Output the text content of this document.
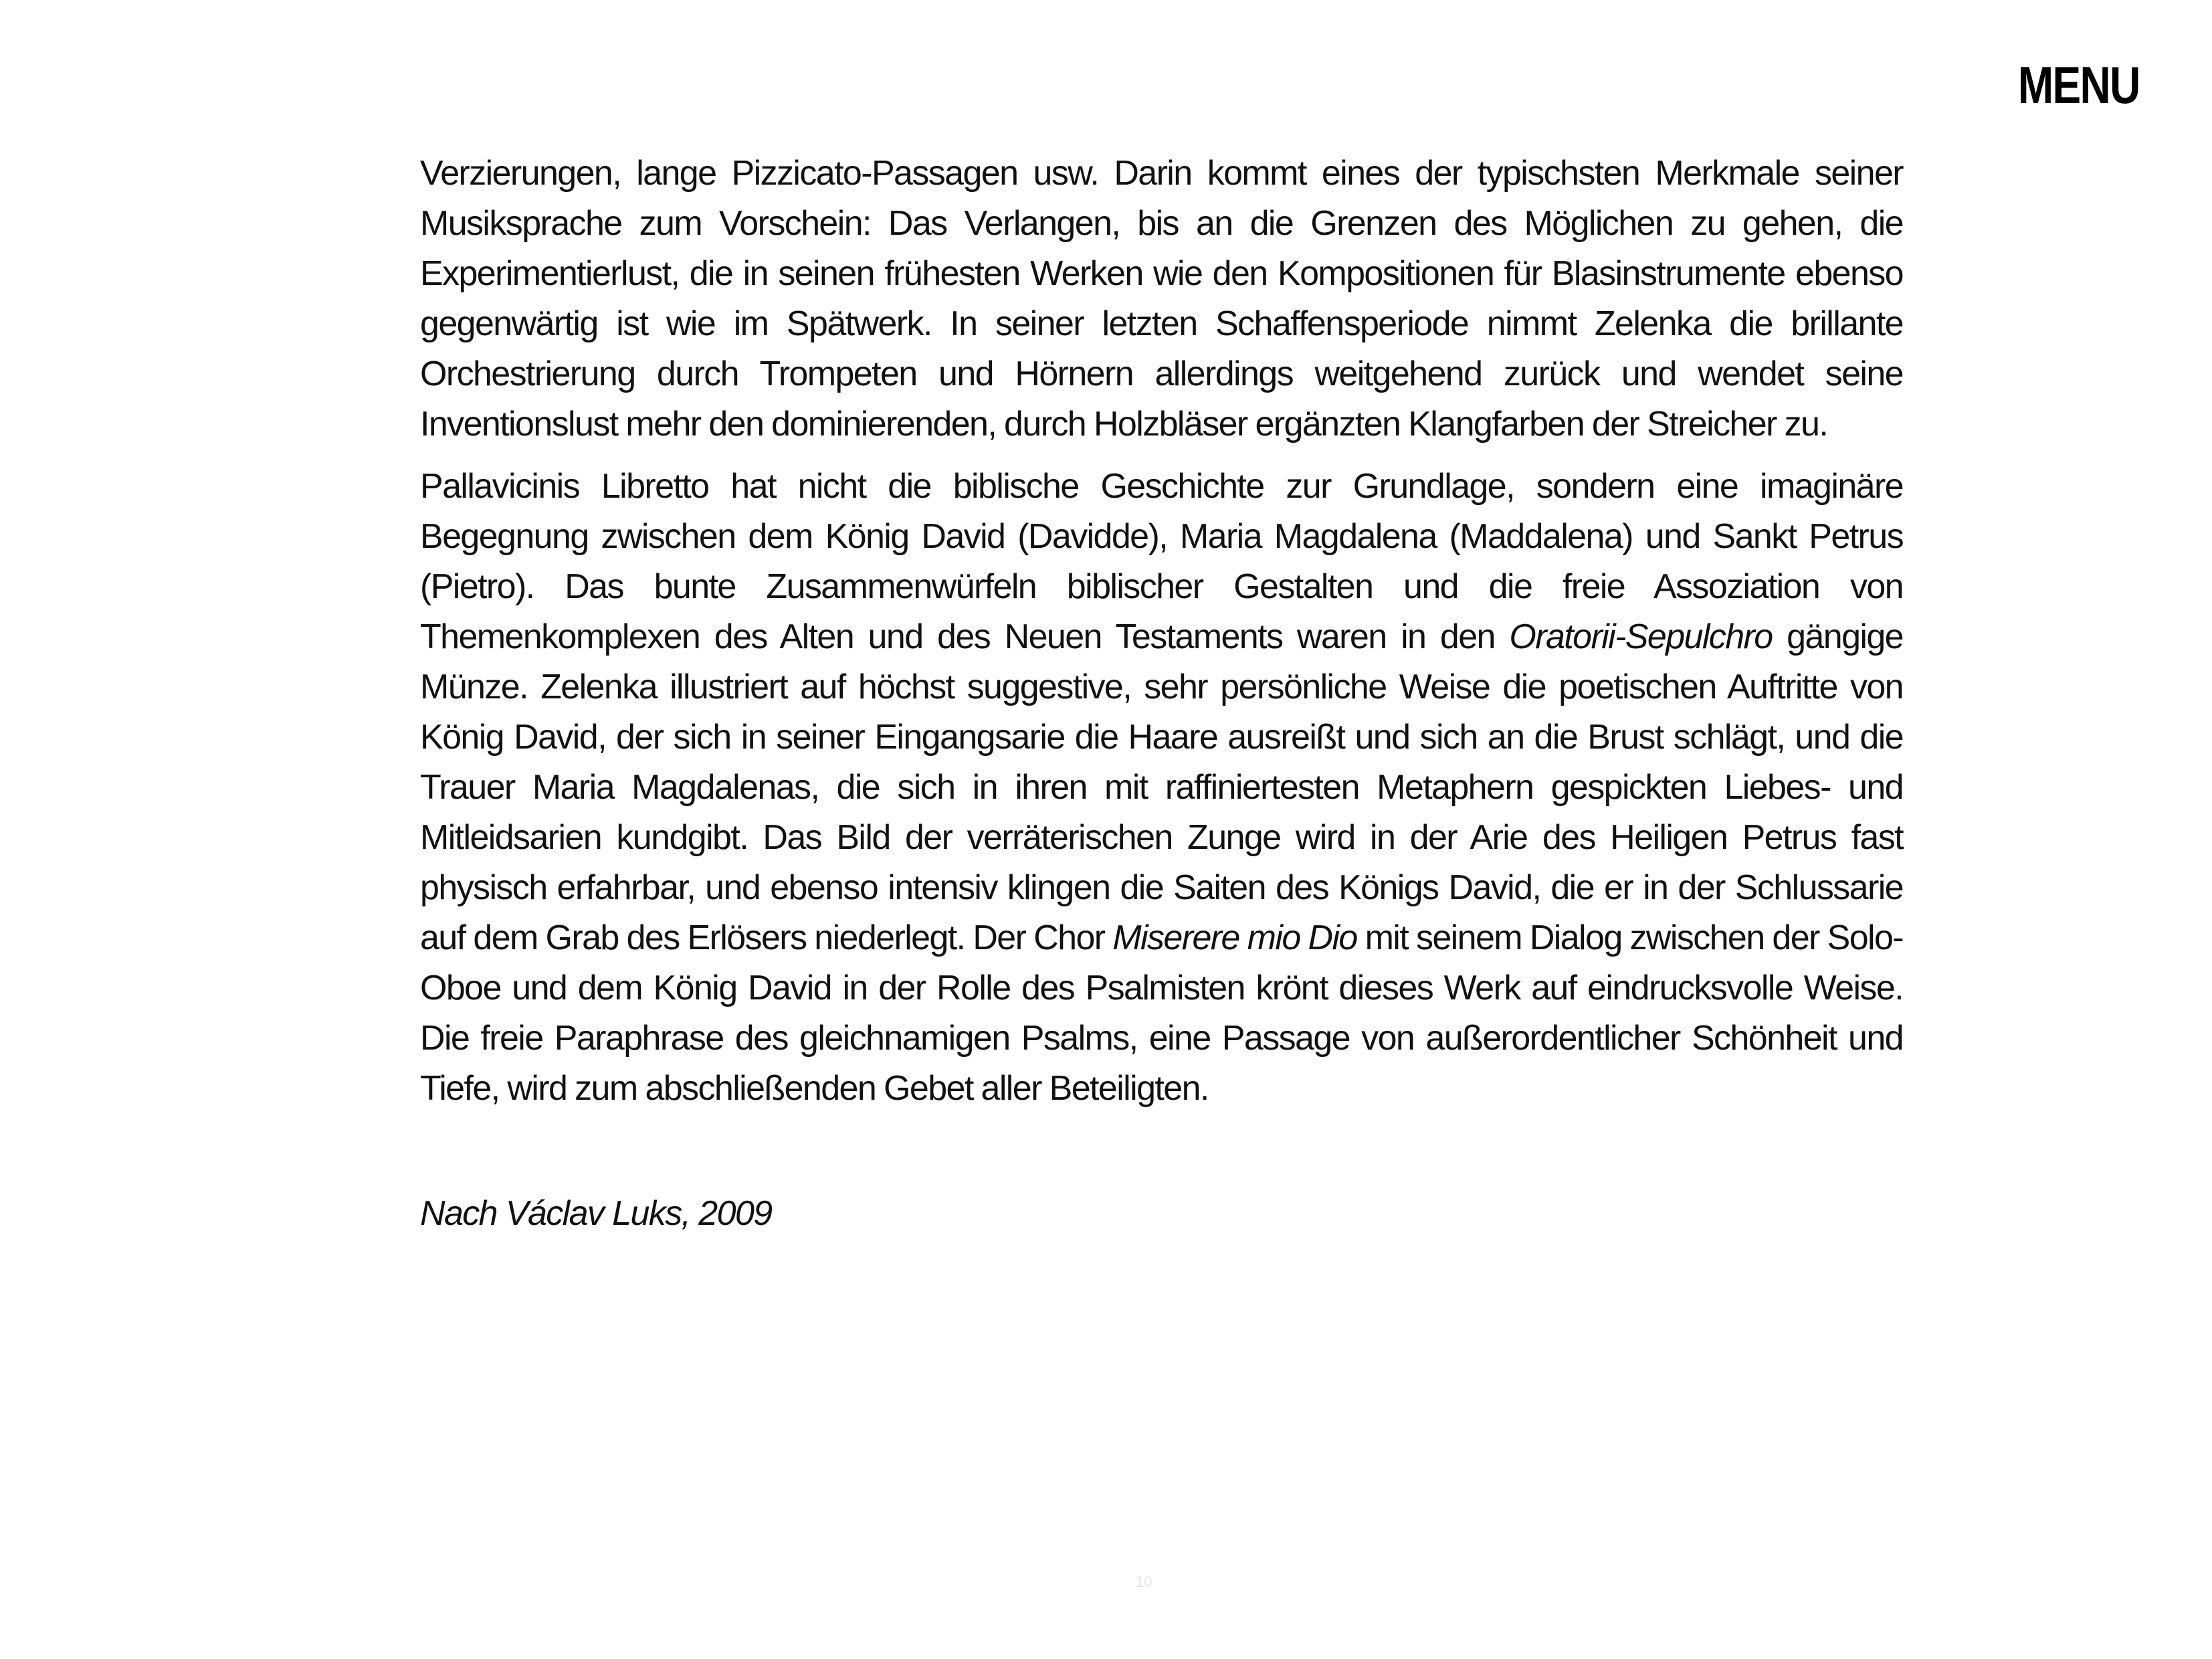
MENU

Verzierungen, lange Pizzicato-Passagen usw. Darin kommt eines der typischsten Merkmale seiner Musiksprache zum Vorschein: Das Verlangen, bis an die Grenzen des Möglichen zu gehen, die Experimentierlust, die in seinen frühesten Werken wie den Kompositionen für Blasinstrumente ebenso gegenwärtig ist wie im Spätwerk. In seiner letzten Schaffensperiode nimmt Zelenka die brillante Orchestrierung durch Trompeten und Hörnern allerdings weitgehend zurück und wendet seine Inventionslust mehr den dominierenden, durch Holzbläser ergänzten Klangfarben der Streicher zu.

Pallavicinis Libretto hat nicht die biblische Geschichte zur Grundlage, sondern eine imaginäre Begegnung zwischen dem König David (Davidde), Maria Magdalena (Maddalena) und Sankt Petrus (Pietro). Das bunte Zusammenwürfeln biblischer Gestalten und die freie Assoziation von Themenkomplexen des Alten und des Neuen Testaments waren in den Oratorii-Sepulchro gängige Münze. Zelenka illustriert auf höchst suggestive, sehr persönliche Weise die poetischen Auftritte von König David, der sich in seiner Eingangsarie die Haare ausreißt und sich an die Brust schlägt, und die Trauer Maria Magdalenas, die sich in ihren mit raffiniertesten Metaphern gespickten Liebes- und Mitleidsarien kundgibt. Das Bild der verräterischen Zunge wird in der Arie des Heiligen Petrus fast physisch erfahrbar, und ebenso intensiv klingen die Saiten des Königs David, die er in der Schlussarie auf dem Grab des Erlösers niederlegt. Der Chor Miserere mio Dio mit seinem Dialog zwischen der Solo-Oboe und dem König David in der Rolle des Psalmisten krönt dieses Werk auf eindrucksvolle Weise. Die freie Paraphrase des gleichnamigen Psalms, eine Passage von außerordentlicher Schönheit und Tiefe, wird zum abschließenden Gebet aller Beteiligten.

Nach Václav Luks, 2009

10
